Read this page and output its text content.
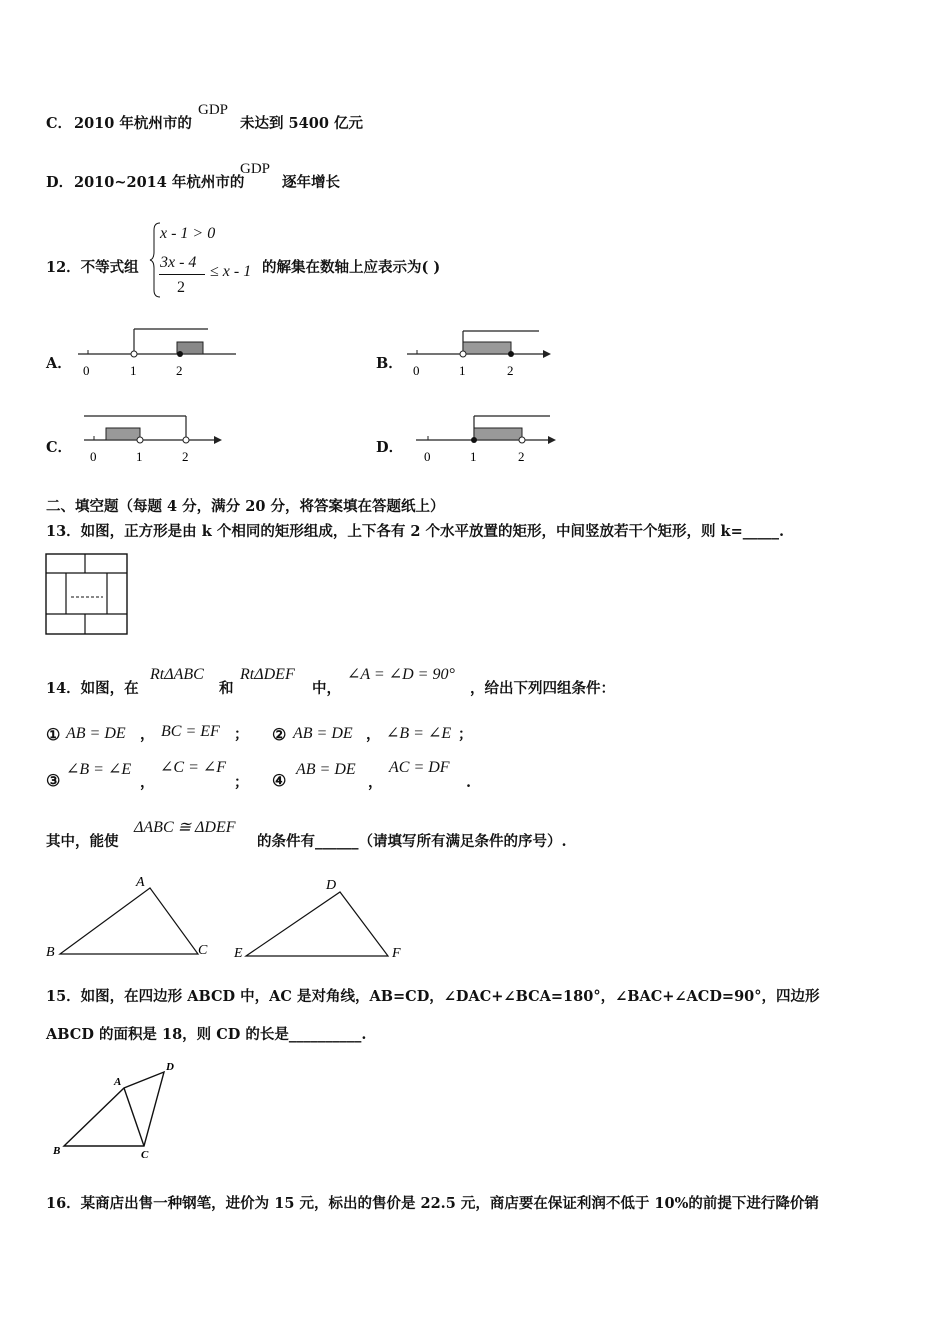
C． 2010 年杭州市的
GDP
未达到 5400 亿元
D． 2010~2014 年杭州市的
GDP
逐年增长
12．不等式组
x - 1 > 0
3x - 4
2
≤ x - 1 的解集在数轴上应表示为( )
A． 0	1	2	B． 0	1	2
C．
0	1	2
D．
0	1	2
二、填空题（每题 4 分，满分 20 分，将答案填在答题纸上）
13．如图，正方形是由 k 个相同的矩形组成，上下各有 2 个水平放置的矩形，中间竖放若干个矩形，则 k=_____.
14．如图，在
RtΔABC
和
RtΔDEF
中，
∠A = ∠D = 90°
，给出下列四组条件：
① AB = DE ， BC = EF ； ② AB = DE ， ∠B = ∠E ；
③
∠B = ∠E
，
∠C = ∠F
； ④
AB = DE
，
AC = DF
.
其中，能使
ΔABC ≅ ΔDEF
的条件有______（请填写所有满足条件的序号）.
A
B	C
D
E	F
15．如图，在四边形 ABCD 中，AC 是对角线，AB=CD，∠DAC+∠BCA=180°，∠BAC+∠ACD=90°，四边形
ABCD 的面积是 18，则 CD 的长是__________.
A
B	C
D
16．某商店出售一种钢笔，进价为 15 元，标出的售价是 22.5 元，商店要在保证利润不低于 10%的前提下进行降价销
